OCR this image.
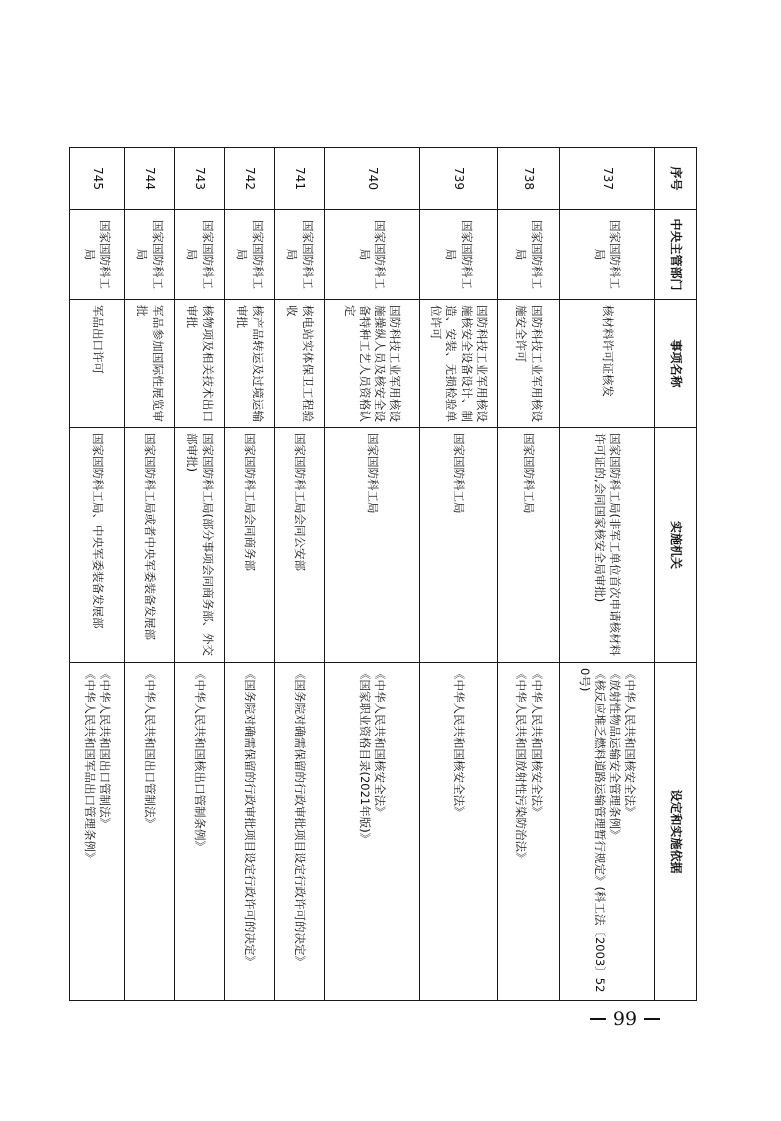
序号	中央主管部门	事项名称	实施机关	设定和实施依据
737	国家国防科工局	核材料许可证核发	国家国防科工局(非军工单位首次申请核材料许可证的,会同国家核安全局审批)	《中华人民共和国核安全法》
《放射性物品运输安全管理条例》
《核反应堆乏燃料道路运输管理暂行规定》(科工法〔2003〕520号)

738	国家国防科工局	国防科技工业军用核设施安全许可	国家国防科工局	《中华人民共和国核安全法》
《中华人民共和国放射性污染防治法》

739	国家国防科工局	国防科技工业军用核设施核安全设备设计、制造、安装、无损检验单位许可	国家国防科工局	《中华人民共和国核安全法》

740	国家国防科工局	国防科技工业军用核设施操纵人员及核安全设备特种工艺人员资格认定	国家国防科工局	《中华人民共和国核安全法》
《国家职业资格目录(2021年版)》

741	国家国防科工局	核电站实体保卫工程验收	国家国防科工局会同公安部	《国务院对确需保留的行政审批项目设定行政许可的决定》

742	国家国防科工局	核产品转运及过境运输审批	国家国防科工局会同商务部	《国务院对确需保留的行政审批项目设定行政许可的决定》

743	国家国防科工局	核物项及相关技术出口审批	国家国防科工局(部分事项会同商务部、外交部审批)	《中华人民共和国核出口管制条例》

744	国家国防科工局	军品参加国际性展览审批	国家国防科工局或者中央军委装备发展部	《中华人民共和国出口管制法》

745	国家国防科工局	军品出口许可	国家国防科工局、中央军委装备发展部	《中华人民共和国出口管制法》
《中华人民共和国军品出口管理条例》
99
